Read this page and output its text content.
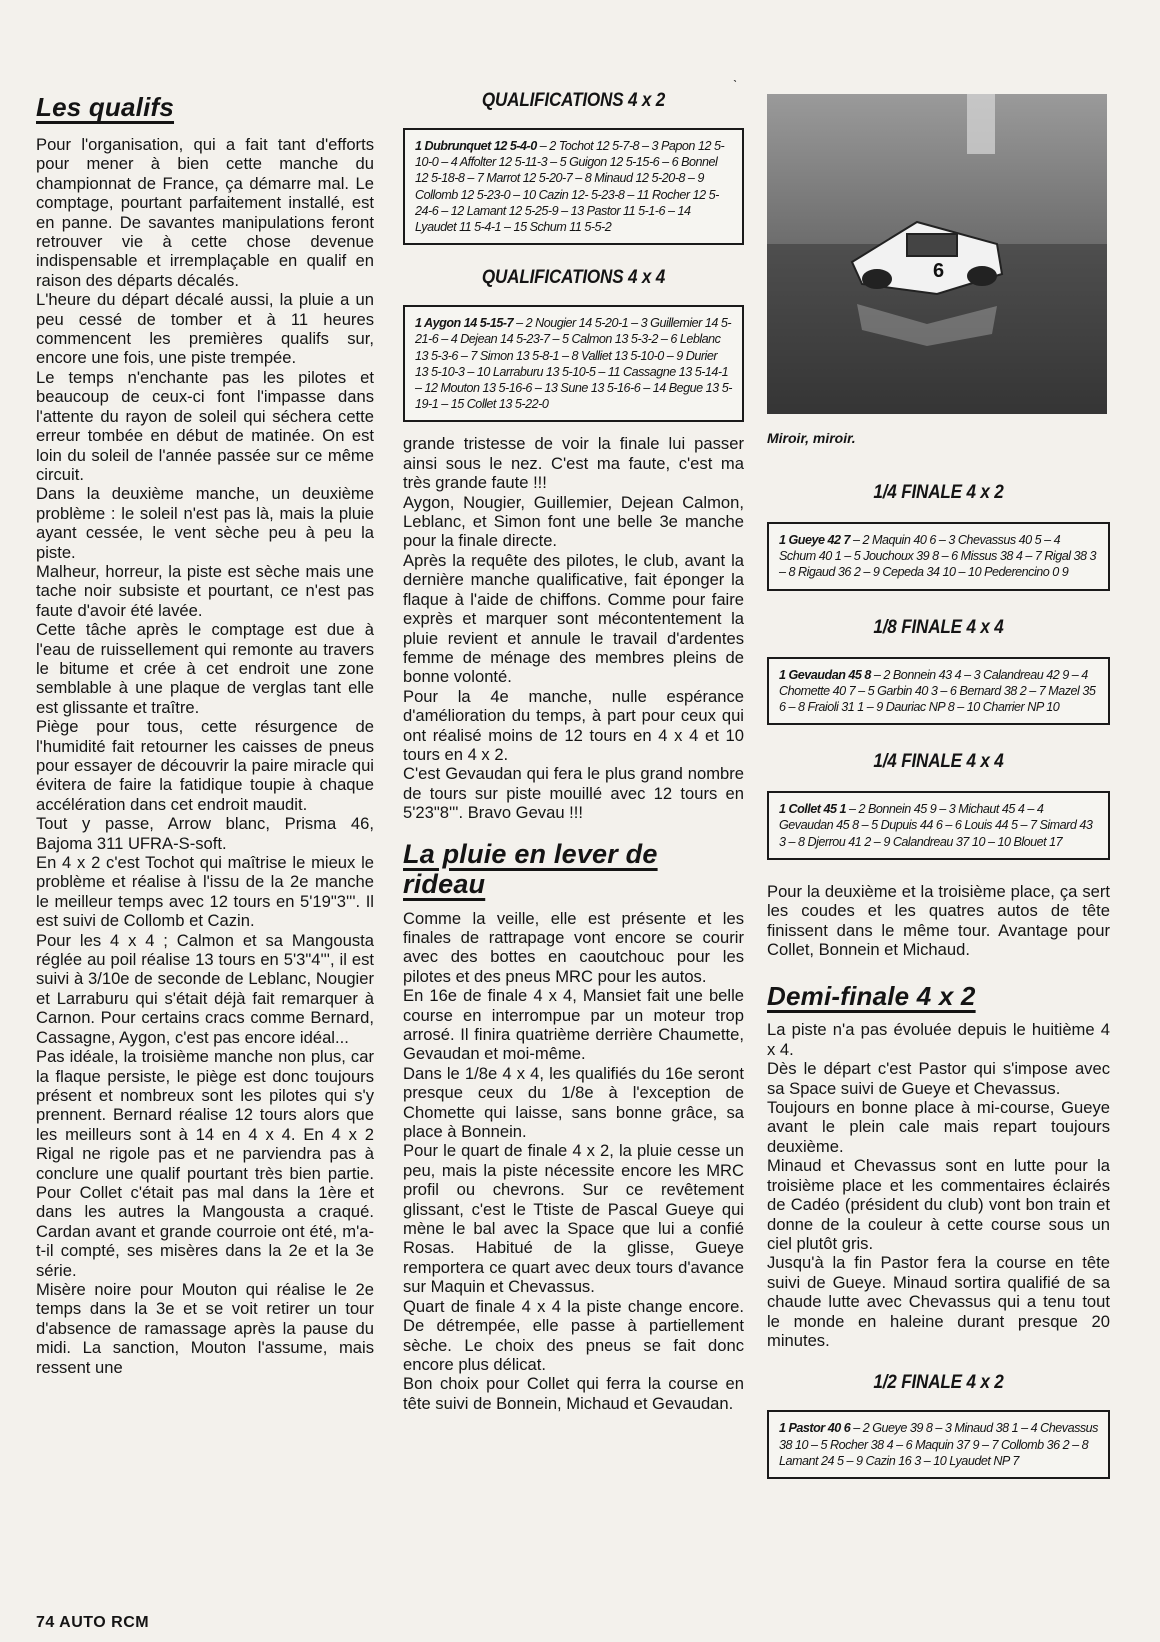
ˎ
Les qualifs

Pour l'organisation, qui a fait tant d'efforts pour mener à bien cette manche du championnat de France, ça démarre mal. Le comptage, pourtant parfaitement installé, est en panne. De savantes manipulations feront retrouver vie à cette chose devenue indispensable et irremplaçable en qualif en raison des départs décalés.

L'heure du départ décalé aussi, la pluie a un peu cessé de tomber et à 11 heures commencent les premières qualifs sur, encore une fois, une piste trempée.

Le temps n'enchante pas les pilotes et beaucoup de ceux-ci font l'impasse dans l'attente du rayon de soleil qui séchera cette erreur tombée en début de matinée. On est loin du soleil de l'année passée sur ce même circuit.

Dans la deuxième manche, un deuxième problème : le soleil n'est pas là, mais la pluie ayant cessée, le vent sèche peu à peu la piste.

Malheur, horreur, la piste est sèche mais une tache noir subsiste et pourtant, ce n'est pas faute d'avoir été lavée.

Cette tâche après le comptage est due à l'eau de ruissellement qui remonte au travers le bitume et crée à cet endroit une zone semblable à une plaque de verglas tant elle est glissante et traître.

Piège pour tous, cette résurgence de l'humidité fait retourner les caisses de pneus pour essayer de découvrir la paire miracle qui évitera de faire la fatidique toupie à chaque accélération dans cet endroit maudit.

Tout y passe, Arrow blanc, Prisma 46, Bajoma 311 UFRA-S-soft.

En 4 x 2 c'est Tochot qui maîtrise le mieux le problème et réalise à l'issu de la 2e manche le meilleur temps avec 12 tours en 5'19"3'''. Il est suivi de Collomb et Cazin.

Pour les 4 x 4 ; Calmon et sa Mangousta réglée au poil réalise 13 tours en 5'3"4''', il est suivi à 3/10e de seconde de Leblanc, Nougier et Larraburu qui s'était déjà fait remarquer à Carnon. Pour certains cracs comme Bernard, Cassagne, Aygon, c'est pas encore idéal...

Pas idéale, la troisième manche non plus, car la flaque persiste, le piège est donc toujours présent et nombreux sont les pilotes qui s'y prennent. Bernard réalise 12 tours alors que les meilleurs sont à 14 en 4 x 4. En 4 x 2 Rigal ne rigole pas et ne parviendra pas à conclure une qualif pourtant très bien partie. Pour Collet c'était pas mal dans la 1ère et dans les autres la Mangousta a craqué. Cardan avant et grande courroie ont été, m'a-t-il compté, ses misères dans la 2e et la 3e série.

Misère noire pour Mouton qui réalise le 2e temps dans la 3e et se voit retirer un tour d'absence de ramassage après la pause du midi. La sanction, Mouton l'assume, mais ressent une

QUALIFICATIONS 4 x 2

1 Dubrunquet 12 5-4-0 – 2 Tochot 12 5-7-8 – 3 Papon 12 5-10-0 – 4 Affolter 12 5-11-3 – 5 Guigon 12 5-15-6 – 6 Bonnel 12 5-18-8 – 7 Marrot 12 5-20-7 – 8 Minaud 12 5-20-8 – 9 Collomb 12 5-23-0 – 10 Cazin 12- 5-23-8 – 11 Rocher 12 5-24-6 – 12 Lamant 12 5-25-9 – 13 Pastor 11 5-1-6 – 14 Lyaudet 11 5-4-1 – 15 Schum 11 5-5-2

QUALIFICATIONS 4 x 4

1 Aygon 14 5-15-7 – 2 Nougier 14 5-20-1 – 3 Guillemier 14 5-21-6 – 4 Dejean 14 5-23-7 – 5 Calmon 13 5-3-2 – 6 Leblanc 13 5-3-6 – 7 Simon 13 5-8-1 – 8 Valliet 13 5-10-0 – 9 Durier 13 5-10-3 – 10 Larraburu 13 5-10-5 – 11 Cassagne 13 5-14-1 – 12 Mouton 13 5-16-6 – 13 Sune 13 5-16-6 – 14 Begue 13 5-19-1 – 15 Collet 13 5-22-0

grande tristesse de voir la finale lui passer ainsi sous le nez. C'est ma faute, c'est ma très grande faute !!!

Aygon, Nougier, Guillemier, Dejean Calmon, Leblanc, et Simon font une belle 3e manche pour la finale directe.

Après la requête des pilotes, le club, avant la dernière manche qualificative, fait éponger la flaque à l'aide de chiffons. Comme pour faire exprès et marquer sont mécontentement la pluie revient et annule le travail d'ardentes femme de ménage des membres pleins de bonne volonté.

Pour la 4e manche, nulle espérance d'amélioration du temps, à part pour ceux qui ont réalisé moins de 12 tours en 4 x 4 et 10 tours en 4 x 2.

C'est Gevaudan qui fera le plus grand nombre de tours sur piste mouillé avec 12 tours en 5'23"8'''. Bravo Gevau !!!

La pluie en lever de rideau

Comme la veille, elle est présente et les finales de rattrapage vont encore se courir avec des bottes en caoutchouc pour les pilotes et des pneus MRC pour les autos.

En 16e de finale 4 x 4, Mansiet fait une belle course en interrompue par un moteur trop arrosé. Il finira quatrième derrière Chaumette, Gevaudan et moi-même.

Dans le 1/8e 4 x 4, les qualifiés du 16e seront presque ceux du 1/8e à l'exception de Chomette qui laisse, sans bonne grâce, sa place à Bonnein.

Pour le quart de finale 4 x 2, la pluie cesse un peu, mais la piste nécessite encore les MRC profil ou chevrons. Sur ce revêtement glissant, c'est le Ttiste de Pascal Gueye qui mène le bal avec la Space que lui a confié Rosas. Habitué de la glisse, Gueye remportera ce quart avec deux tours d'avance sur Maquin et Chevassus.

Quart de finale 4 x 4 la piste change encore. De détrempée, elle passe à partiellement sèche. Le choix des pneus se fait donc encore plus délicat.

Bon choix pour Collet qui ferra la course en tête suivi de Bonnein, Michaud et Gevaudan.

6
Miroir, miroir.

1/4 FINALE 4 x 2

1 Gueye 42 7 – 2 Maquin 40 6 – 3 Chevassus 40 5 – 4 Schum 40 1 – 5 Jouchoux 39 8 – 6 Missus 38 4 – 7 Rigal 38 3 – 8 Rigaud 36 2 – 9 Cepeda 34 10 – 10 Pederencino 0 9

1/8 FINALE 4 x 4

1 Gevaudan 45 8 – 2 Bonnein 43 4 – 3 Calandreau 42 9 – 4 Chomette 40 7 – 5 Garbin 40 3 – 6 Bernard 38 2 – 7 Mazel 35 6 – 8 Fraioli 31 1 – 9 Dauriac NP 8 – 10 Charrier NP 10

1/4 FINALE 4 x 4

1 Collet 45 1 – 2 Bonnein 45 9 – 3 Michaut 45 4 – 4 Gevaudan 45 8 – 5 Dupuis 44 6 – 6 Louis 44 5 – 7 Simard 43 3 – 8 Djerrou 41 2 – 9 Calandreau 37 10 – 10 Blouet 17

Pour la deuxième et la troisième place, ça sert les coudes et les quatres autos de tête finissent dans le même tour. Avantage pour Collet, Bonnein et Michaud.

Demi-finale 4 x 2

La piste n'a pas évoluée depuis le huitième 4 x 4.

Dès le départ c'est Pastor qui s'impose avec sa Space suivi de Gueye et Chevassus.

Toujours en bonne place à mi-course, Gueye avant le plein cale mais repart toujours deuxième.

Minaud et Chevassus sont en lutte pour la troisième place et les commentaires éclairés de Cadéo (président du club) vont bon train et donne de la couleur à cette course sous un ciel plutôt gris.

Jusqu'à la fin Pastor fera la course en tête suivi de Gueye. Minaud sortira qualifié de sa chaude lutte avec Chevassus qui a tenu tout le monde en haleine durant presque 20 minutes.

1/2 FINALE 4 x 2

1 Pastor 40 6 – 2 Gueye 39 8 – 3 Minaud 38 1 – 4 Chevassus 38 10 – 5 Rocher 38 4 – 6 Maquin 37 9 – 7 Collomb 36 2 – 8 Lamant 24 5 – 9 Cazin 16 3 – 10 Lyaudet NP 7
74 AUTO RCM
